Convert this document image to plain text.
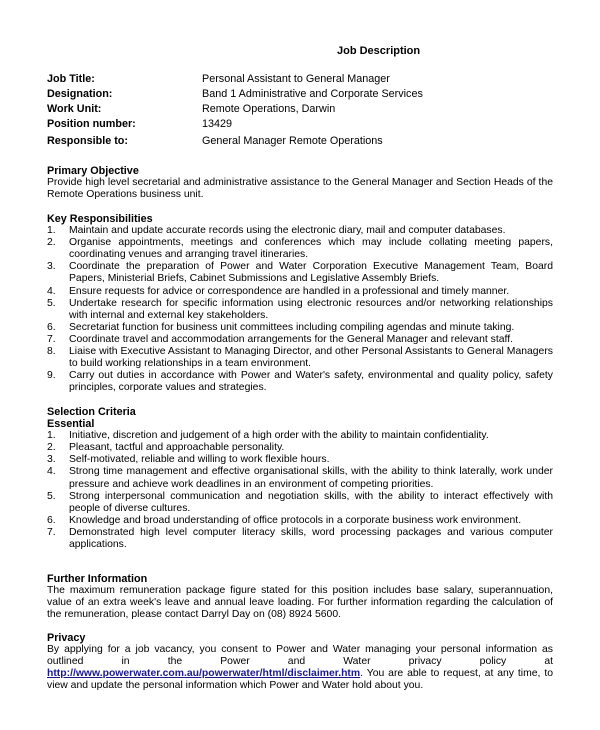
Job Description
Job Title:	Personal Assistant to General Manager
Designation:	Band 1 Administrative and Corporate Services
Work Unit:	Remote Operations, Darwin
Position number:	13429
Responsible to:	General Manager Remote Operations
Primary Objective
Provide high level secretarial and administrative assistance to the General Manager and Section Heads of the Remote Operations business unit.
Key Responsibilities
1.	Maintain and update accurate records using the electronic diary, mail and computer databases.
2.	Organise appointments, meetings and conferences which may include collating meeting papers, coordinating venues and arranging travel itineraries.
3.	Coordinate the preparation of Power and Water Corporation Executive Management Team, Board Papers, Ministerial Briefs, Cabinet Submissions and Legislative Assembly Briefs.
4.	Ensure requests for advice or correspondence are handled in a professional and timely manner.
5.	Undertake research for specific information using electronic resources and/or networking relationships with internal and external key stakeholders.
6.	Secretariat function for business unit committees including compiling agendas and minute taking.
7.	Coordinate travel and accommodation arrangements for the General Manager and relevant staff.
8.	Liaise with Executive Assistant to Managing Director, and other Personal Assistants to General Managers to build working relationships in a team environment.
9.	Carry out duties in accordance with Power and Water's safety, environmental and quality policy, safety principles, corporate values and strategies.
Selection Criteria
Essential
1.	Initiative, discretion and judgement of a high order with the ability to maintain confidentiality.
2.	Pleasant, tactful and approachable personality.
3.	Self-motivated, reliable and willing to work flexible hours.
4.	Strong time management and effective organisational skills, with the ability to think laterally, work under pressure and achieve work deadlines in an environment of competing priorities.
5.	Strong interpersonal communication and negotiation skills, with the ability to interact effectively with people of diverse cultures.
6.	Knowledge and broad understanding of office protocols in a corporate business work environment.
7.	Demonstrated high level computer literacy skills, word processing packages and various computer applications.
Further Information
The maximum remuneration package figure stated for this position includes base salary, superannuation, value of an extra week's leave and annual leave loading. For further information regarding the calculation of the remuneration, please contact Darryl Day on (08) 8924 5600.
Privacy
By applying for a job vacancy, you consent to Power and Water managing your personal information as outlined in the Power and Water privacy policy at http://www.powerwater.com.au/powerwater/html/disclaimer.htm. You are able to request, at any time, to view and update the personal information which Power and Water hold about you.
